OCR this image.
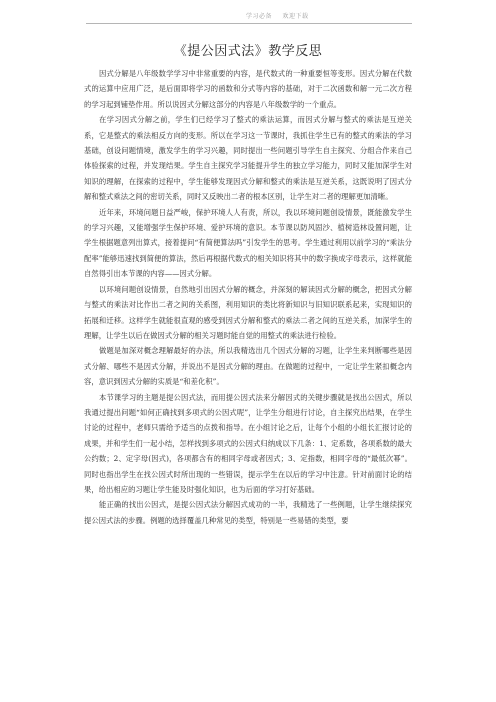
学习必备 欢迎下载
《提公因式法》教学反思

因式分解是八年级数学学习中非常重要的内容，是代数式的一种重要恒等变形。因式分解在代数式的运算中应用广泛，是后面即将学习的函数和分式等内容的基础，对于二次函数和解一元二次方程的学习起到铺垫作用。所以说因式分解这部分的内容是八年级数学的一个重点。

在学习因式分解之前，学生们已经学习了整式的乘法运算，而因式分解与整式的乘法是互逆关系，它是整式的乘法相反方向的变形。所以在学习这一节课时，我抓住学生已有的整式的乘法的学习基础，创设问题情境，激发学生的学习兴趣，同时提出一些问题引导学生自主探究、分组合作来自己体验探索的过程，并发现结果。学生自主探究学习能提升学生的独立学习能力，同时又能加深学生对知识的理解，在探索的过程中，学生能够发现因式分解和整式的乘法是互逆关系，这既说明了因式分解和整式乘法之间的密切关系，同时又反映出二者的根本区别，让学生对二者的理解更加清晰。

近年来，环境问题日益严峻，保护环境人人有责，所以，我以环境问题创设情景，既能激发学生的学习兴趣，又能增强学生保护环境、爱护环境的意识。本节课以防风固沙、植树造林设置问题，让学生根据题意列出算式，接着提问“有简便算法吗”引发学生的思考。学生通过利用以前学习的“乘法分配率”能够迅速找到简便的算法，然后再根据代数式的相关知识将其中的数字换成字母表示，这样就能自然得引出本节课的内容——因式分解。

以环境问题创设情景，自然地引出因式分解的概念，并深刻的解读因式分解的概念，把因式分解与整式的乘法对比作出二者之间的关系图，利用知识的类比将新知识与旧知识联系起来，实现知识的拓展和迁移。这样学生就能很直观的感受到因式分解和整式的乘法二者之间的互逆关系，加深学生的理解，让学生以后在做因式分解的相关习题时能自觉的用整式的乘法进行检验。

做题是加深对概念理解最好的办法，所以我精选出几个因式分解的习题，让学生来判断哪些是因式分解、哪些不是因式分解，并说出不是因式分解的理由。在做题的过程中，一定让学生紧扣概念内容，意识到因式分解的实质是“和差化积”。

本节课学习的主题是提公因式法，而用提公因式法来分解因式的关键步骤就是找出公因式，所以我通过提出问题“如何正确找到多项式的公因式呢”，让学生分组进行讨论，自主探究出结果，在学生讨论的过程中，老师只需给予适当的点拨和指导。在小组讨论之后，让每个小组的小组长汇报讨论的成果，并和学生们一起小结，怎样找到多项式的公因式归纳成以下几条：1、定系数，各项系数的最大公约数；2、定字母(因式)，各项都含有的相同字母或者因式；3、定指数，相同字母的“最低次幂”。同时也指出学生在找公因式时所出现的一些错误，提示学生在以后的学习中注意。针对前面讨论的结果，给出相应的习题让学生能及时强化知识，也为后面的学习打好基础。

能正确的找出公因式，是提公因式法分解因式成功的一半，我精选了一些例题，让学生继续探究提公因式法的步骤。例题的选择覆盖几种常见的类型，特别是一些易错的类型，要
